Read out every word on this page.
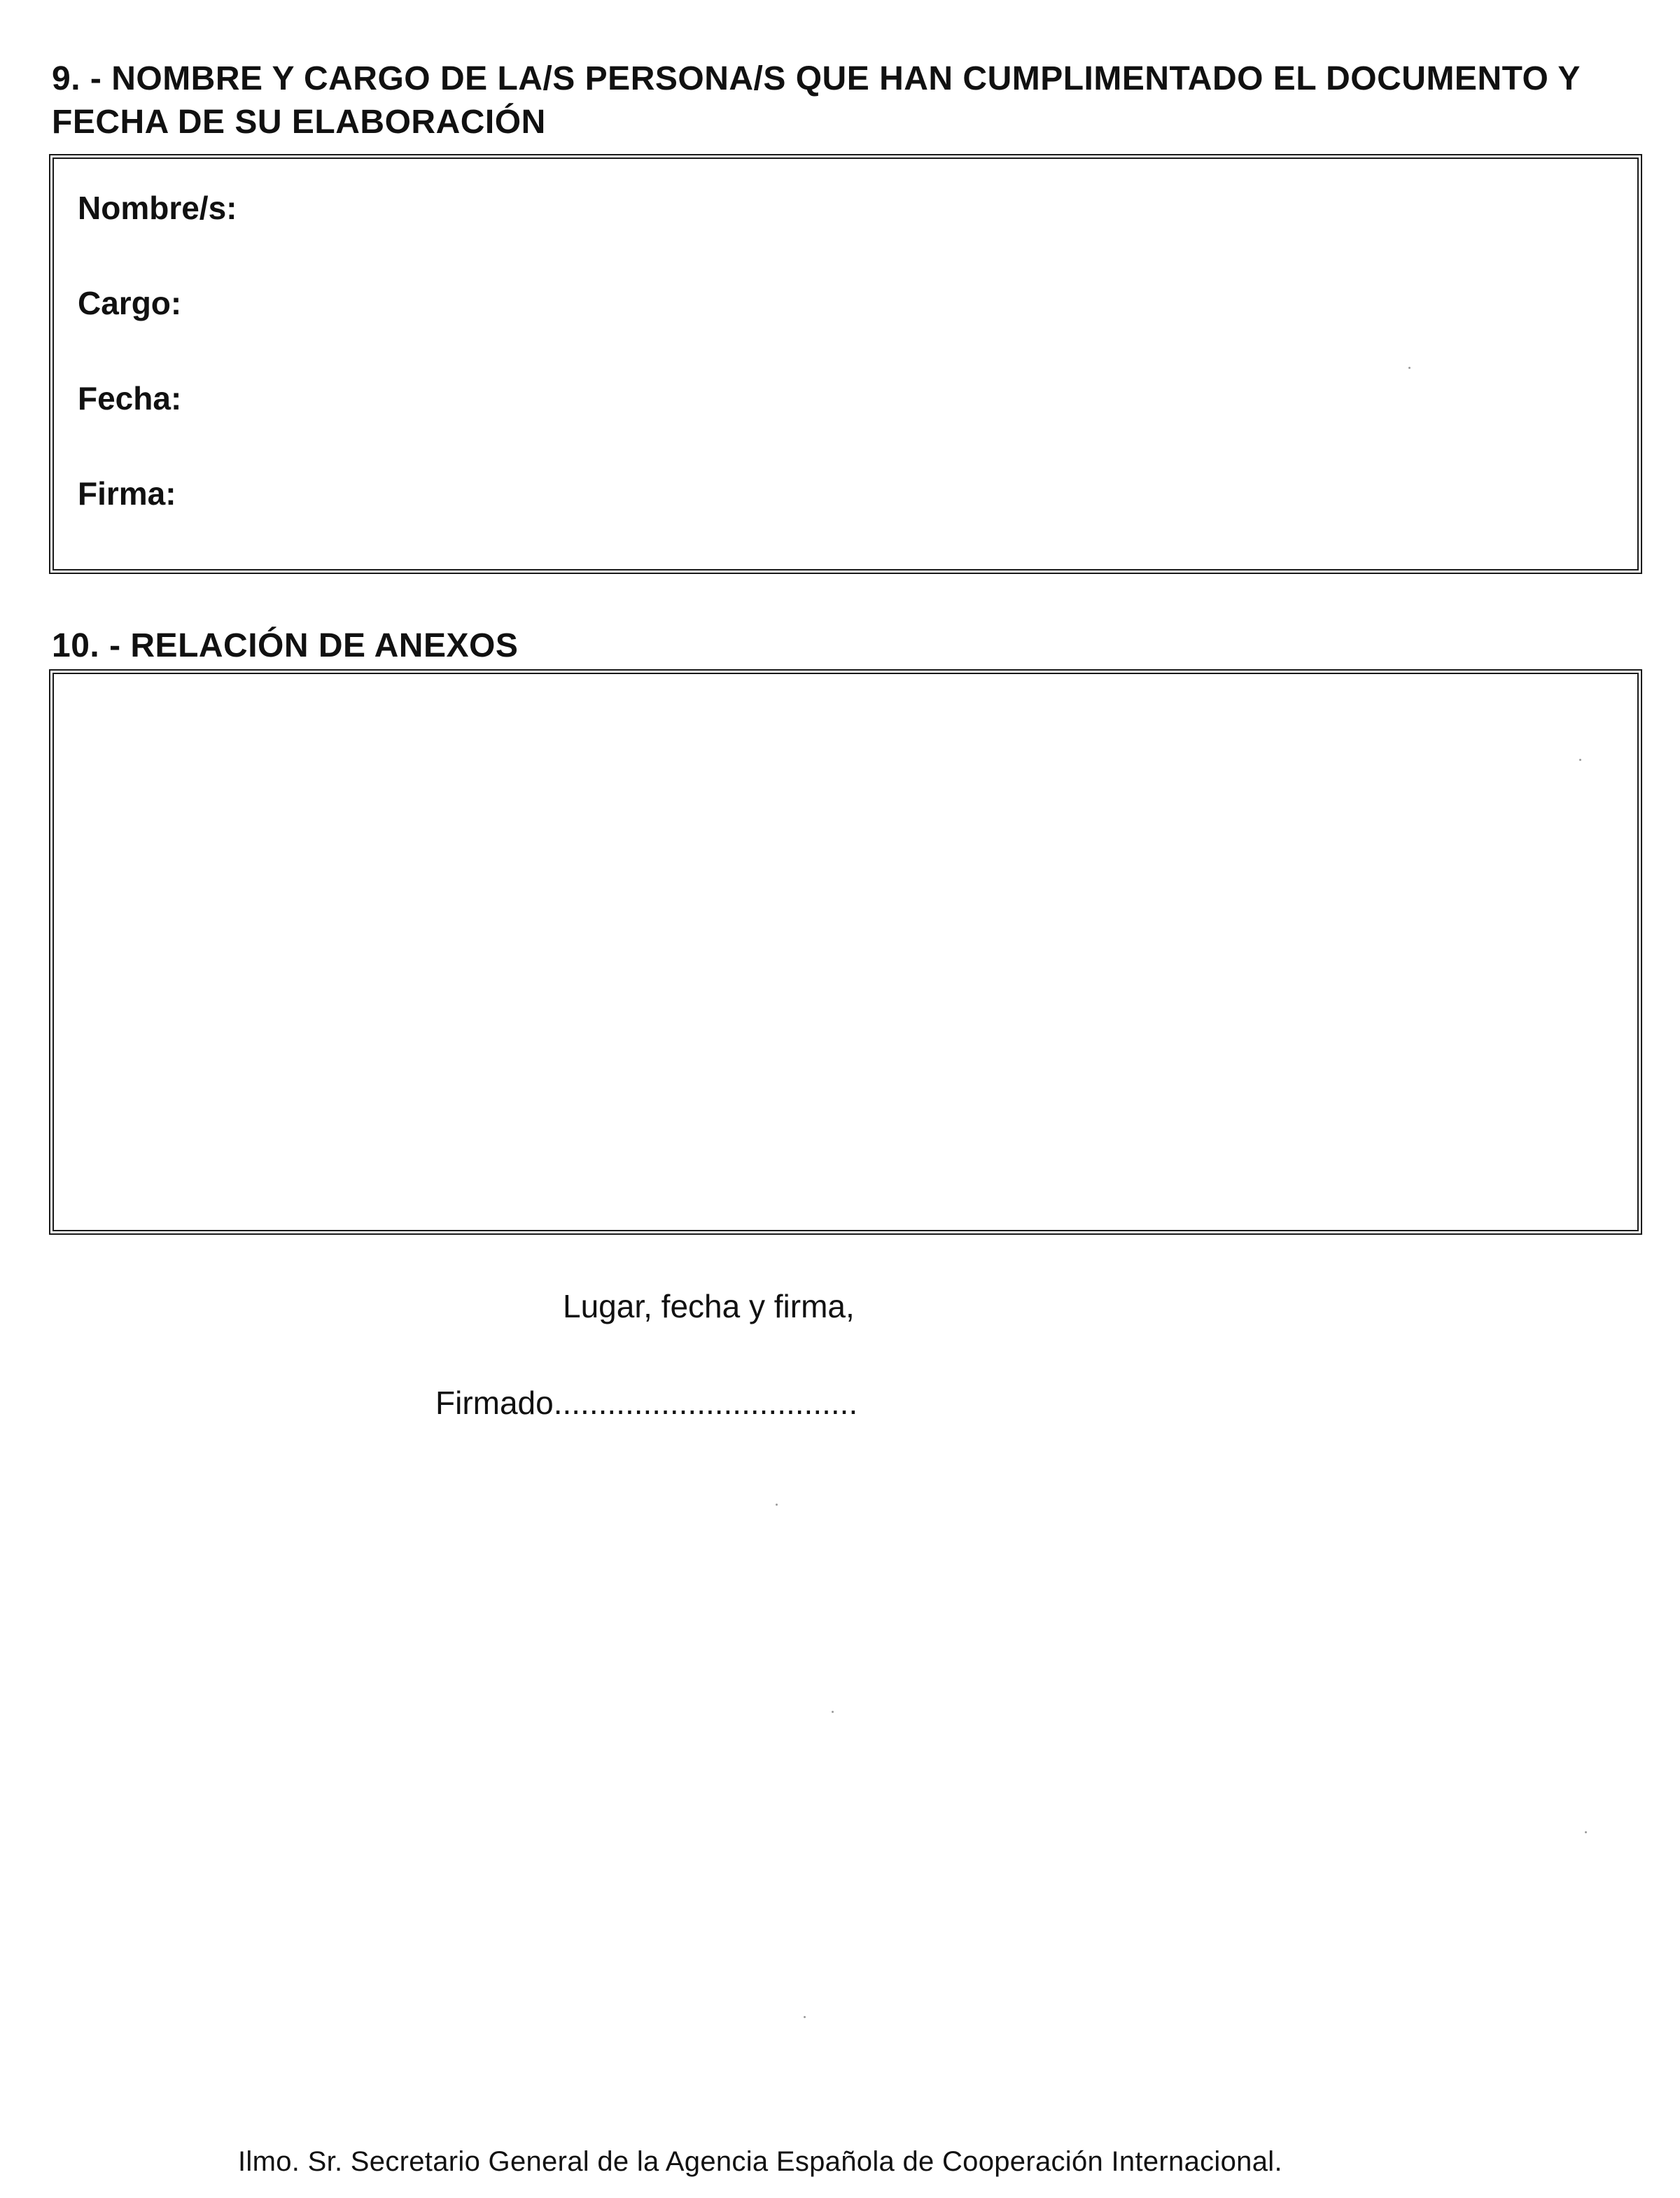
9. - NOMBRE Y CARGO DE LA/S PERSONA/S QUE HAN CUMPLIMENTADO EL DOCUMENTO Y FECHA DE SU ELABORACIÓN
Nombre/s:
Cargo:
Fecha:
Firma:
10. - RELACIÓN DE ANEXOS
Lugar, fecha y firma,
Firmado..................................
Ilmo. Sr. Secretario General de la Agencia Española de Cooperación Internacional.
